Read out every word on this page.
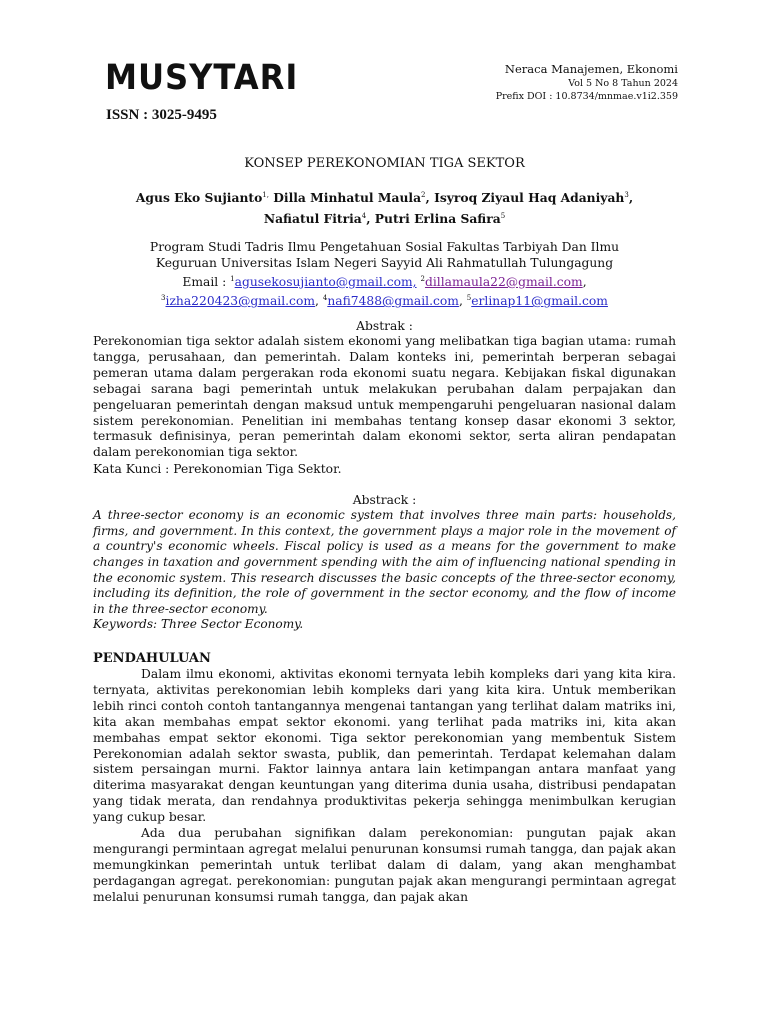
MUSYTARI
ISSN : 3025-9495
Neraca Manajemen, Ekonomi
Vol 5 No 8 Tahun 2024
Prefix DOI : 10.8734/mnmae.v1i2.359
KONSEP PEREKONOMIAN TIGA SEKTOR
Agus Eko Sujianto$^{1,}$ Dilla Minhatul Maula$^2$, Isyroq Ziyaul Haq Adaniyah$^3$,
Nafiatul Fitria$^4$, Putri Erlina Safira$^5$
Program Studi Tadris Ilmu Pengetahuan Sosial Fakultas Tarbiyah Dan Ilmu
Keguruan Universitas Islam Negeri Sayyid Ali Rahmatullah Tulungagung
Email : $^1$agusekosujianto@gmail.com, $^2$dillamaula22@gmail.com,
$^3$izha220423@gmail.com, $^4$nafi7488@gmail.com, $^5$erlinap11@gmail.com
Abstrak :

Perekonomian tiga sektor adalah sistem ekonomi yang melibatkan tiga bagian utama: rumah tangga, perusahaan, dan pemerintah. Dalam konteks ini, pemerintah berperan sebagai pemeran utama dalam pergerakan roda ekonomi suatu negara. Kebijakan fiskal digunakan sebagai sarana bagi pemerintah untuk melakukan perubahan dalam perpajakan dan pengeluaran pemerintah dengan maksud untuk mempengaruhi pengeluaran nasional dalam sistem perekonomian. Penelitian ini membahas tentang konsep dasar ekonomi 3 sektor, termasuk definisinya, peran pemerintah dalam ekonomi sektor, serta aliran pendapatan dalam perekonomian tiga sektor.

Kata Kunci : Perekonomian Tiga Sektor.

Abstrack :

A three-sector economy is an economic system that involves three main parts: households, firms, and government. In this context, the government plays a major role in the movement of a country's economic wheels. Fiscal policy is used as a means for the government to make changes in taxation and government spending with the aim of influencing national spending in the economic system. This research discusses the basic concepts of the three-sector economy, including its definition, the role of government in the sector economy, and the flow of income in the three-sector economy.

Keywords: Three Sector Economy.

PENDAHULUAN

Dalam ilmu ekonomi, aktivitas ekonomi ternyata lebih kompleks dari yang kita kira. ternyata, aktivitas perekonomian lebih kompleks dari yang kita kira. Untuk memberikan lebih rinci contoh contoh tantangannya mengenai tantangan yang terlihat dalam matriks ini, kita akan membahas empat sektor ekonomi. yang terlihat pada matriks ini, kita akan membahas empat sektor ekonomi. Tiga sektor perekonomian yang membentuk Sistem Perekonomian adalah sektor swasta, publik, dan pemerintah. Terdapat kelemahan dalam sistem persaingan murni. Faktor lainnya antara lain ketimpangan antara manfaat yang diterima masyarakat dengan keuntungan yang diterima dunia usaha, distribusi pendapatan yang tidak merata, dan rendahnya produktivitas pekerja sehingga menimbulkan kerugian yang cukup besar.

Ada dua perubahan signifikan dalam perekonomian: pungutan pajak akan mengurangi permintaan agregat melalui penurunan konsumsi rumah tangga, dan pajak akan memungkinkan pemerintah untuk terlibat dalam di dalam, yang akan menghambat perdagangan agregat. perekonomian: pungutan pajak akan mengurangi permintaan agregat melalui penurunan konsumsi rumah tangga, dan pajak akan
